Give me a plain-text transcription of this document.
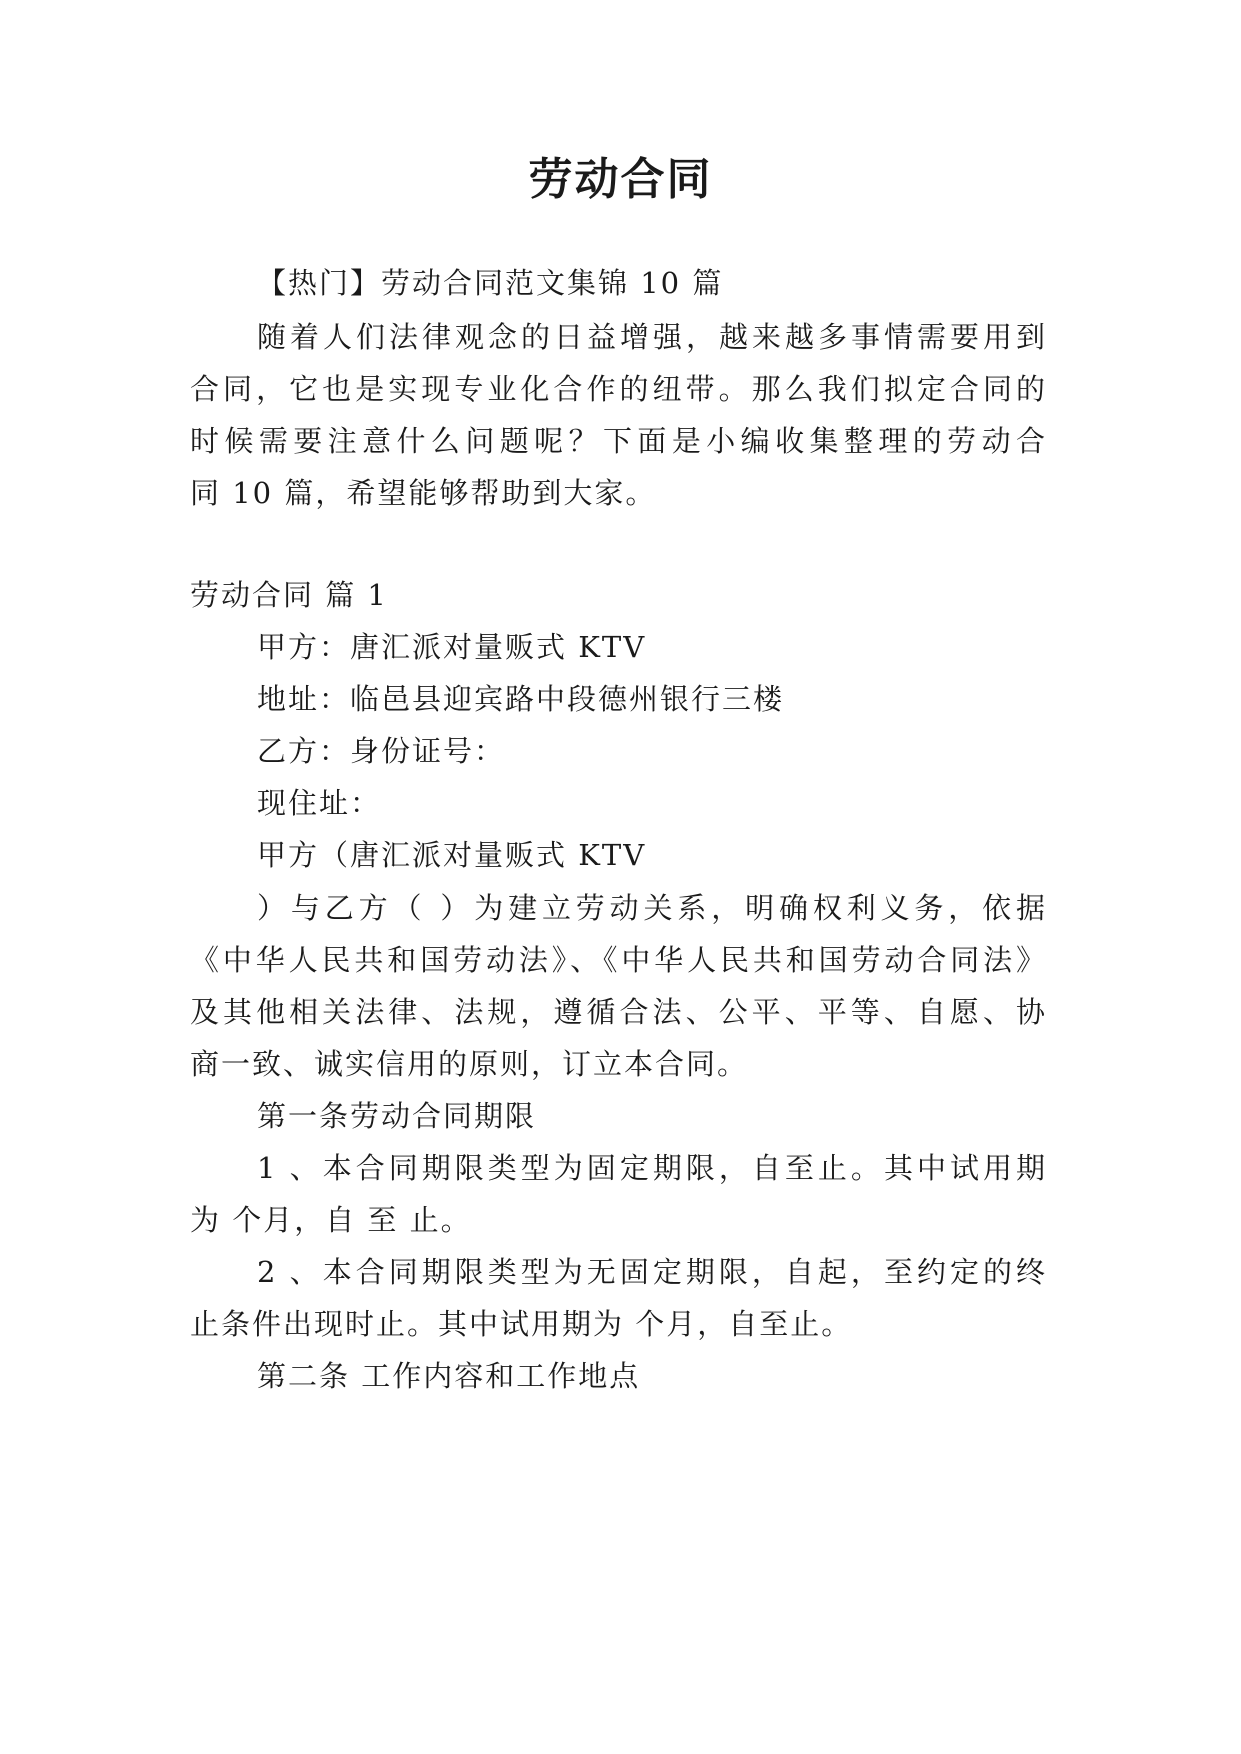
劳动合同
【热门】劳动合同范文集锦 10 篇
随着人们法律观念的日益增强，越来越多事情需要用到
合同，它也是实现专业化合作的纽带。那么我们拟定合同的
时候需要注意什么问题呢？下面是小编收集整理的劳动合
同 10 篇，希望能够帮助到大家。
劳动合同 篇 1
甲方：唐汇派对量贩式 KTV
地址：临邑县迎宾路中段德州银行三楼
乙方：身份证号：
现住址：
甲方（唐汇派对量贩式 KTV
）与乙方（ ）为建立劳动关系，明确权利义务，依据
《中华人民共和国劳动法》、《中华人民共和国劳动合同法》
及其他相关法律、法规，遵循合法、公平、平等、自愿、协
商一致、诚实信用的原则，订立本合同。
第一条劳动合同期限
1 、本合同期限类型为固定期限，自至止。其中试用期
为 个月，自 至 止。
2 、本合同期限类型为无固定期限，自起，至约定的终
止条件出现时止。其中试用期为 个月，自至止。
第二条 工作内容和工作地点
